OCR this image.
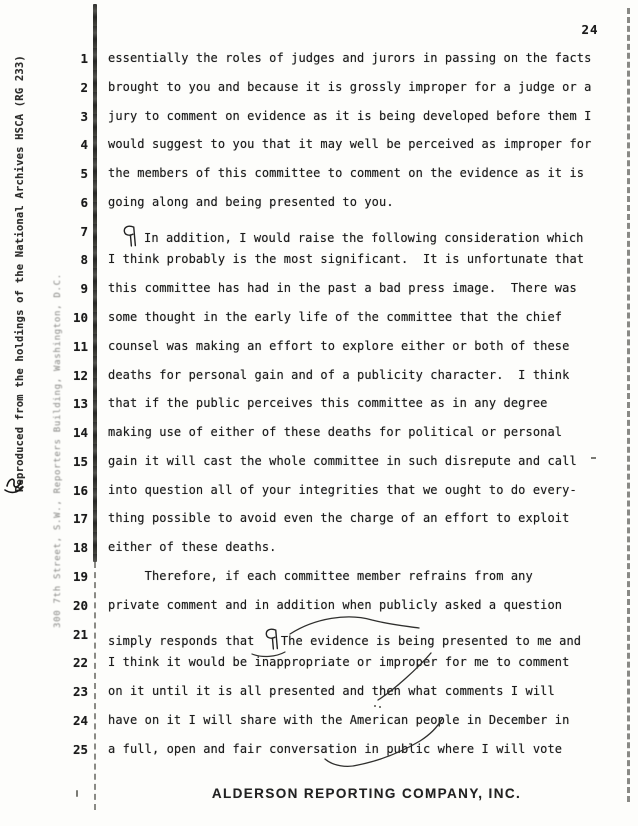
Reproduced from the holdings of the National Archives HSCA (RG 233)	300 7th Street, S.W., Reporters Building, Washington, D.C.
24
1 essentially the roles of judges and jurors in passing on the facts
2 brought to you and because it is grossly improper for a judge or a
3 jury to comment on evidence as it is being developed before them I
4 would suggest to you that it may well be perceived as improper for
5 the members of this committee to comment on the evidence as it is
6 going along and being presented to you.
7	In addition, I would raise the following consideration which
8 I think probably is the most significant.  It is unfortunate that
9 this committee has had in the past a bad press image.  There was
10 some thought in the early life of the committee that the chief
11 counsel was making an effort to explore either or both of these
12 deaths for personal gain and of a publicity character.  I think
13 that if the public perceives this committee as in any degree
14 making use of either of these deaths for political or personal
15 gain it will cast the whole committee in such disrepute and call
16 into question all of your integrities that we ought to do every-
17 thing possible to avoid even the charge of an effort to exploit
18 either of these deaths.
19 Therefore, if each committee member refrains from any
20 private comment and in addition when publicly asked a question
21 simply responds that The evidence is being presented to me and
22 I think it would be inappropriate or improper for me to comment
23 on it until it is all presented and then what comments I will
24 have on it I will share with the American people in December in
25 a full, open and fair conversation in public where I will vote
ALDERSON REPORTING COMPANY, INC.
